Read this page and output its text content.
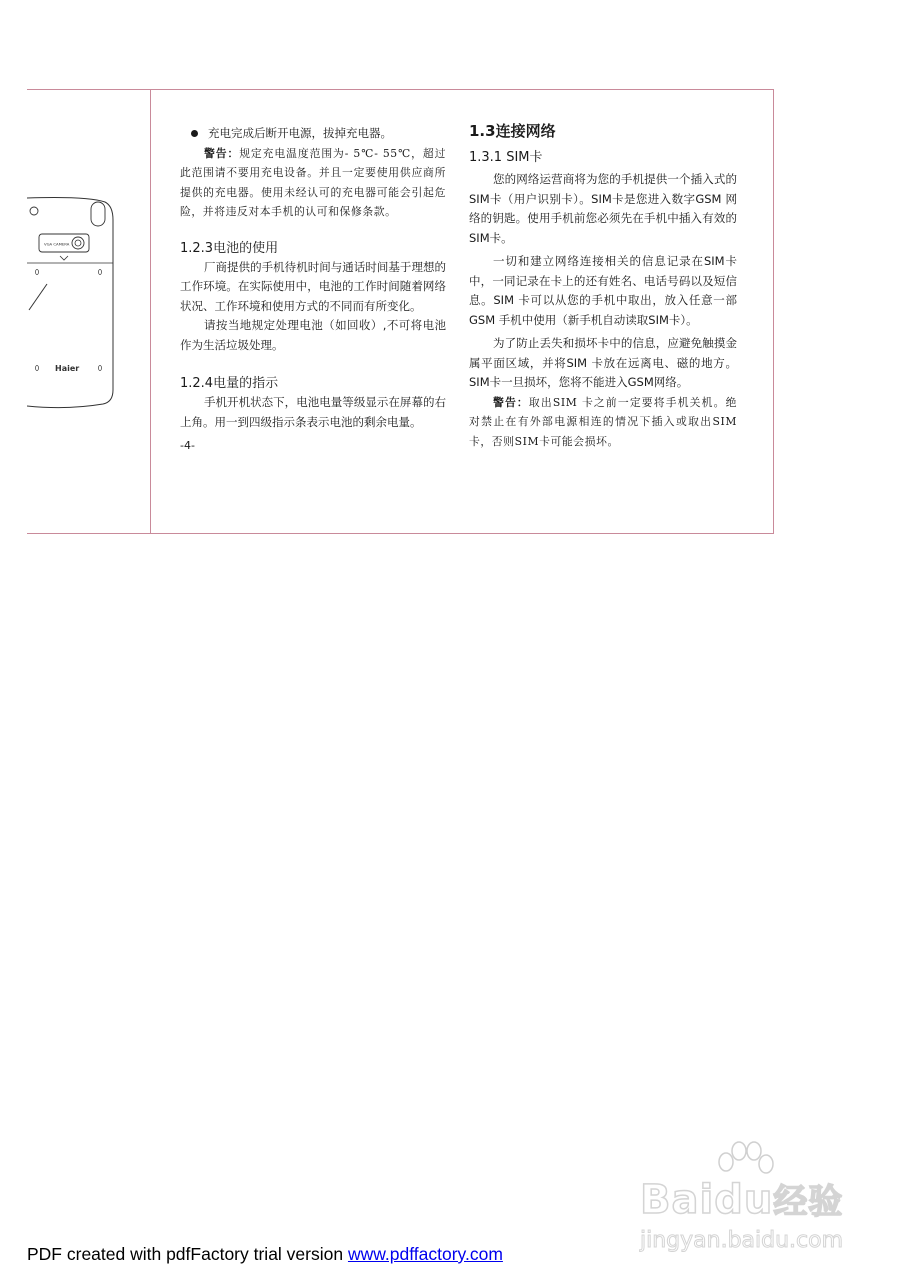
VGA CAMERA
Haier
充电完成后断开电源，拔掉充电器。

警告：规定充电温度范围为- 5℃- 55℃，超过此范围请不要用充电设备。并且一定要使用供应商所提供的充电器。使用未经认可的充电器可能会引起危险，并将违反对本手机的认可和保修条款。

1.2.3电池的使用

厂商提供的手机待机时间与通话时间基于理想的工作环境。在实际使用中，电池的工作时间随着网络状况、工作环境和使用方式的不同而有所变化。

请按当地规定处理电池（如回收）,不可将电池作为生活垃圾处理。

1.2.4电量的指示

手机开机状态下，电池电量等级显示在屏幕的右上角。用一到四级指示条表示电池的剩余电量。

-4-
1.3连接网络
1.3.1 SIM卡

您的网络运营商将为您的手机提供一个插入式的SIM卡（用户识别卡）。SIM卡是您进入数字GSM 网络的钥匙。使用手机前您必须先在手机中插入有效的SIM卡。

一切和建立网络连接相关的信息记录在SIM卡中，一同记录在卡上的还有姓名、电话号码以及短信息。SIM 卡可以从您的手机中取出，放入任意一部GSM 手机中使用（新手机自动读取SIM卡）。

为了防止丢失和损坏卡中的信息，应避免触摸金属平面区域，并将SIM 卡放在远离电、磁的地方。SIM卡一旦损坏，您将不能进入GSM网络。

警告：取出SIM 卡之前一定要将手机关机。绝对禁止在有外部电源相连的情况下插入或取出SIM卡，否则SIM卡可能会损坏。

Baidu经验
jingyan.baidu.com
PDF created with pdfFactory trial version www.pdffactory.com
